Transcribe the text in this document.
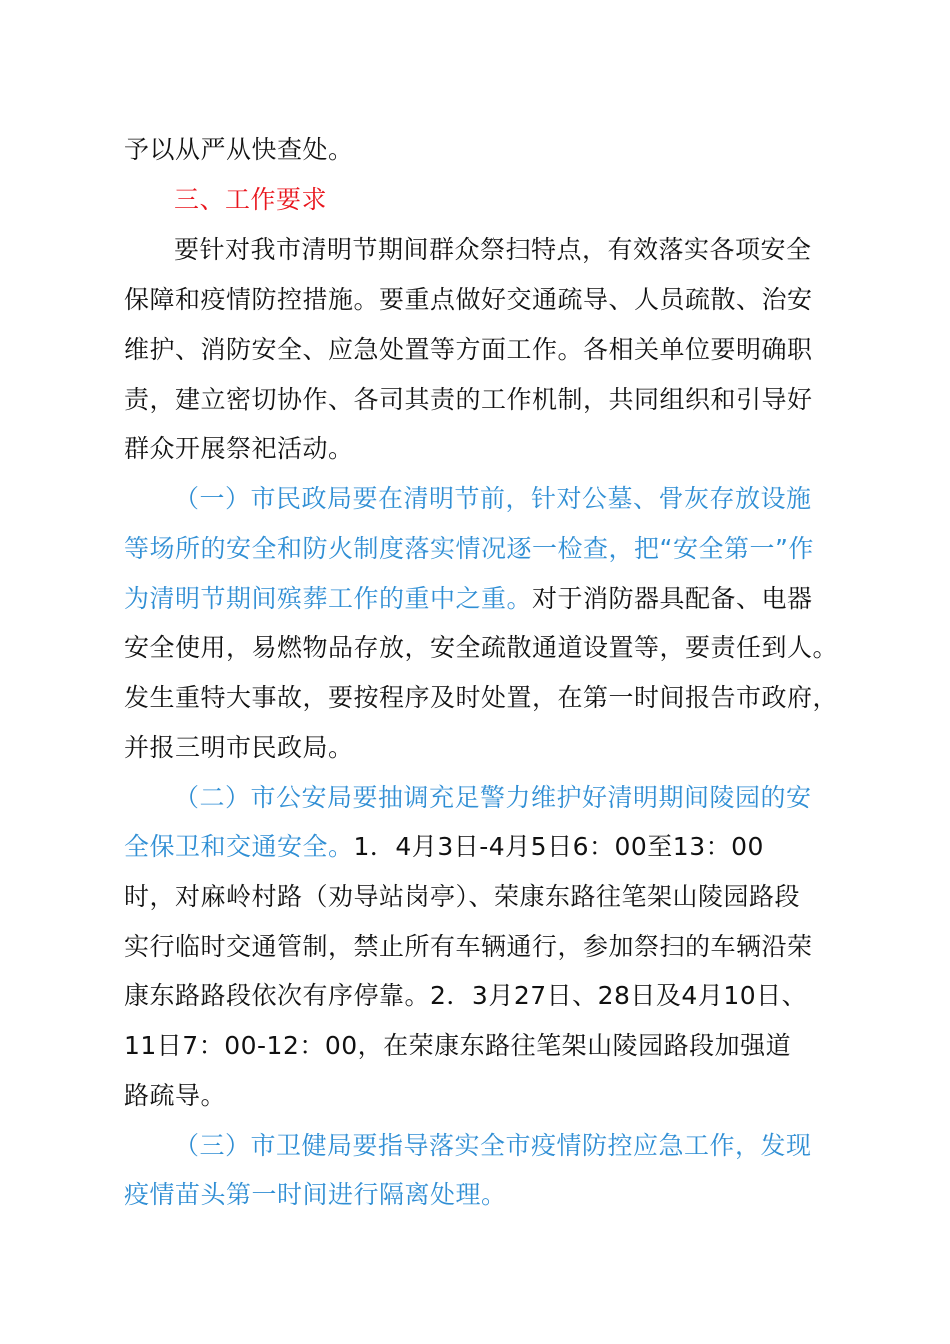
予以从严从快查处。
三、工作要求
要针对我市清明节期间群众祭扫特点，有效落实各项安全
保障和疫情防控措施。要重点做好交通疏导、人员疏散、治安
维护、消防安全、应急处置等方面工作。各相关单位要明确职
责，建立密切协作、各司其责的工作机制，共同组织和引导好
群众开展祭祀活动。
（一）市民政局要在清明节前，针对公墓、骨灰存放设施
等场所的安全和防火制度落实情况逐一检查，把“安全第一”作
为清明节期间殡葬工作的重中之重。对于消防器具配备、电器
安全使用，易燃物品存放，安全疏散通道设置等，要责任到人。
发生重特大事故，要按程序及时处置，在第一时间报告市政府，
并报三明市民政局。
（二）市公安局要抽调充足警力维护好清明期间陵园的安
全保卫和交通安全。1．4月3日-4月5日6：00至13：00
时，对麻岭村路（劝导站岗亭）、荣康东路往笔架山陵园路段
实行临时交通管制，禁止所有车辆通行，参加祭扫的车辆沿荣
康东路路段依次有序停靠。2．3月27日、28日及4月10日、
11日7：00-12：00，在荣康东路往笔架山陵园路段加强道
路疏导。
（三）市卫健局要指导落实全市疫情防控应急工作，发现
疫情苗头第一时间进行隔离处理。
